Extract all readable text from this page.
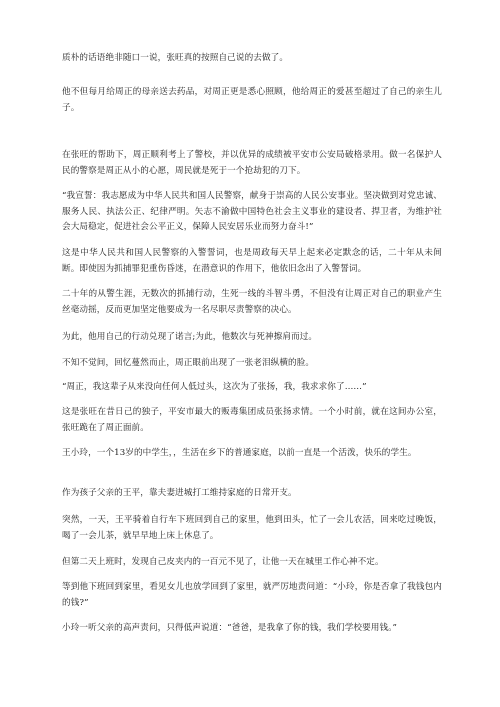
质朴的话语绝非随口一说，张旺真的按照自己说的去做了。

他不但每月给周正的母亲送去药品，对周正更是悉心照顾，他给周正的爱甚至超过了自己的亲生儿子。

在张旺的帮助下，周正顺利考上了警校，并以优异的成绩被平安市公安局破格录用。做一名保护人民的警察是周正从小的心愿，周民就是死于一个抢劫犯的刀下。

“我宣誓：我志愿成为中华人民共和国人民警察，献身于崇高的人民公安事业。坚决做到对党忠诚、服务人民、执法公正、纪律严明。矢志不渝做中国特色社会主义事业的建设者、捍卫者，为维护社会大局稳定，促进社会公平正义，保障人民安居乐业而努力奋斗!”

这是中华人民共和国人民警察的入警誓词，也是周政每天早上起来必定默念的话，二十年从未间断。即使因为抓捕罪犯重伤昏迷，在潜意识的作用下，他依旧念出了入警誓词。

二十年的从警生涯，无数次的抓捕行动，生死一线的斗智斗勇，不但没有让周正对自己的职业产生丝毫动摇，反而更加坚定他要成为一名尽职尽责警察的决心。

为此，他用自己的行动兑现了诺言;为此，他数次与死神擦肩而过。

不知不觉间，回忆蔓然而止，周正眼前出现了一张老泪纵横的脸。

“周正，我这辈子从来没向任何人低过头，这次为了张扬，我，我求求你了……”

这是张旺在昔日己的独子，平安市最大的贩毒集团成员张扬求情。一个小时前，就在这间办公室，张旺跪在了周正面前。

王小玲，一个13岁的中学生，，生活在乡下的普通家庭，以前一直是一个活泼，快乐的学生。

作为孩子父亲的王平，靠夫妻进城打工维持家庭的日常开支。

突然，一天，王平骑着自行车下班回到自己的家里，他到田头，忙了一会儿农活，回来吃过晚饭，喝了一会儿茶，就早早地上床上休息了。

但第二天上班时，发现自己皮夹内的一百元不见了，让他一天在城里工作心神不定。

等到他下班回到家里，看见女儿也放学回到了家里，就严厉地责问道：“小玲，你是否拿了我钱包内的钱?”

小玲一听父亲的高声责问，只得低声说道：“爸爸，是我拿了你的钱，我们学校要用钱。”
